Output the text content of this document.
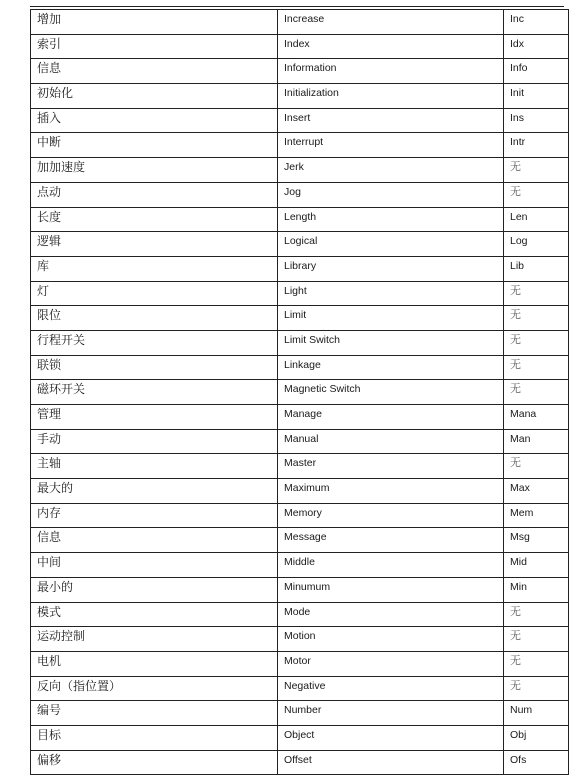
增加	Increase	Inc
索引	Index	Idx
信息	Information	Info
初始化	Initialization	Init
插入	Insert	Ins
中断	Interrupt	Intr
加加速度	Jerk	无
点动	Jog	无
长度	Length	Len
逻辑	Logical	Log
库	Library	Lib
灯	Light	无
限位	Limit	无
行程开关	Limit Switch	无
联锁	Linkage	无
磁环开关	Magnetic Switch	无
管理	Manage	Mana
手动	Manual	Man
主轴	Master	无
最大的	Maximum	Max
内存	Memory	Mem
信息	Message	Msg
中间	Middle	Mid
最小的	Minumum	Min
模式	Mode	无
运动控制	Motion	无
电机	Motor	无
反向（指位置）	Negative	无
编号	Number	Num
目标	Object	Obj
偏移	Offset	Ofs
